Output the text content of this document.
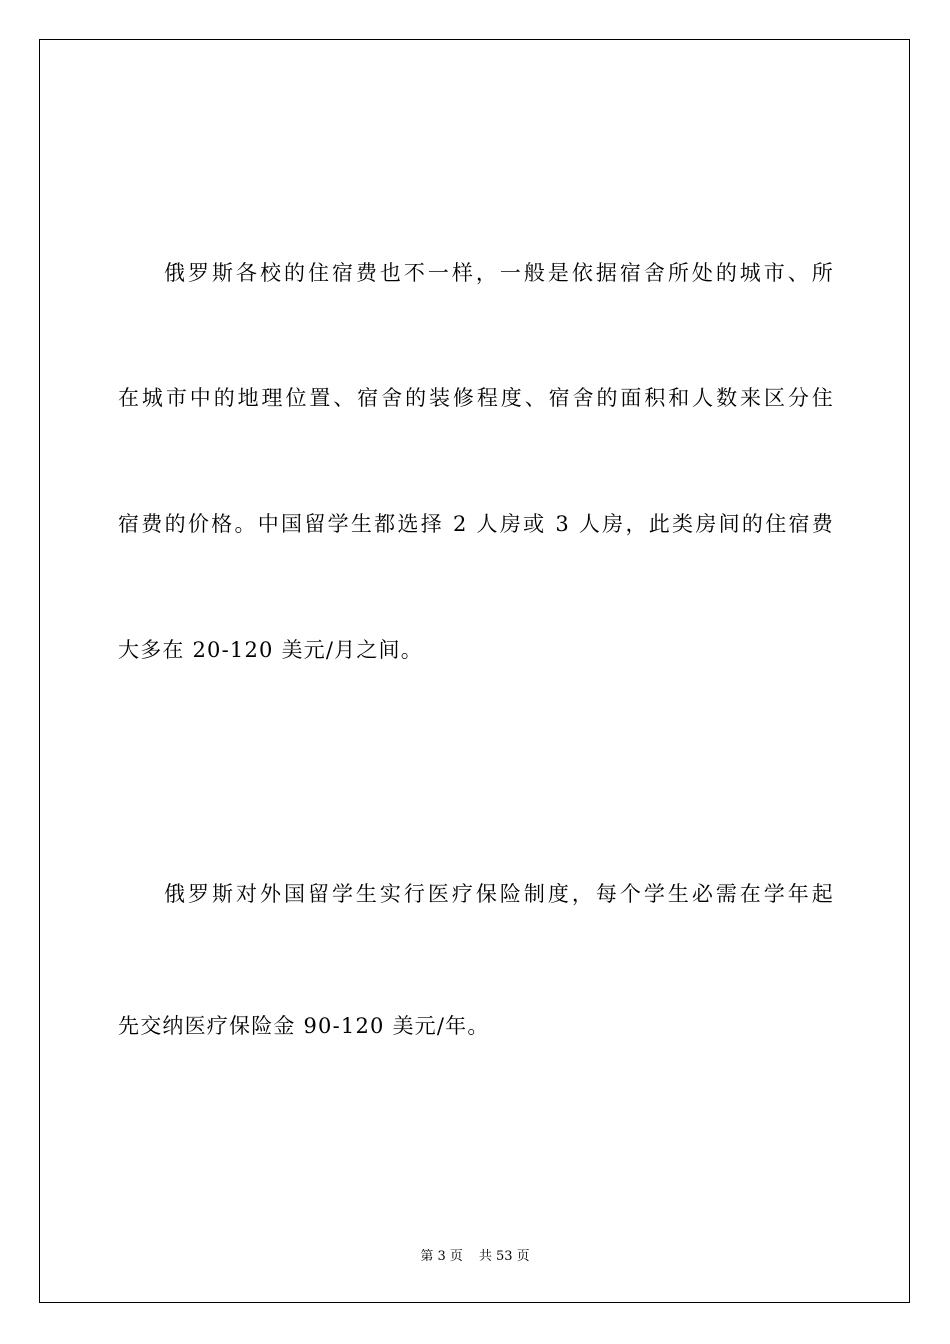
俄罗斯各校的住宿费也不一样，一般是依据宿舍所处的城市、所
在城市中的地理位置、宿舍的装修程度、宿舍的面积和人数来区分住
宿费的价格。中国留学生都选择 2 人房或 3 人房，此类房间的住宿费
大多在 20-120 美元/月之间。
俄罗斯对外国留学生实行医疗保险制度，每个学生必需在学年起
先交纳医疗保险金 90-120 美元/年。
第 3 页 共 53 页
